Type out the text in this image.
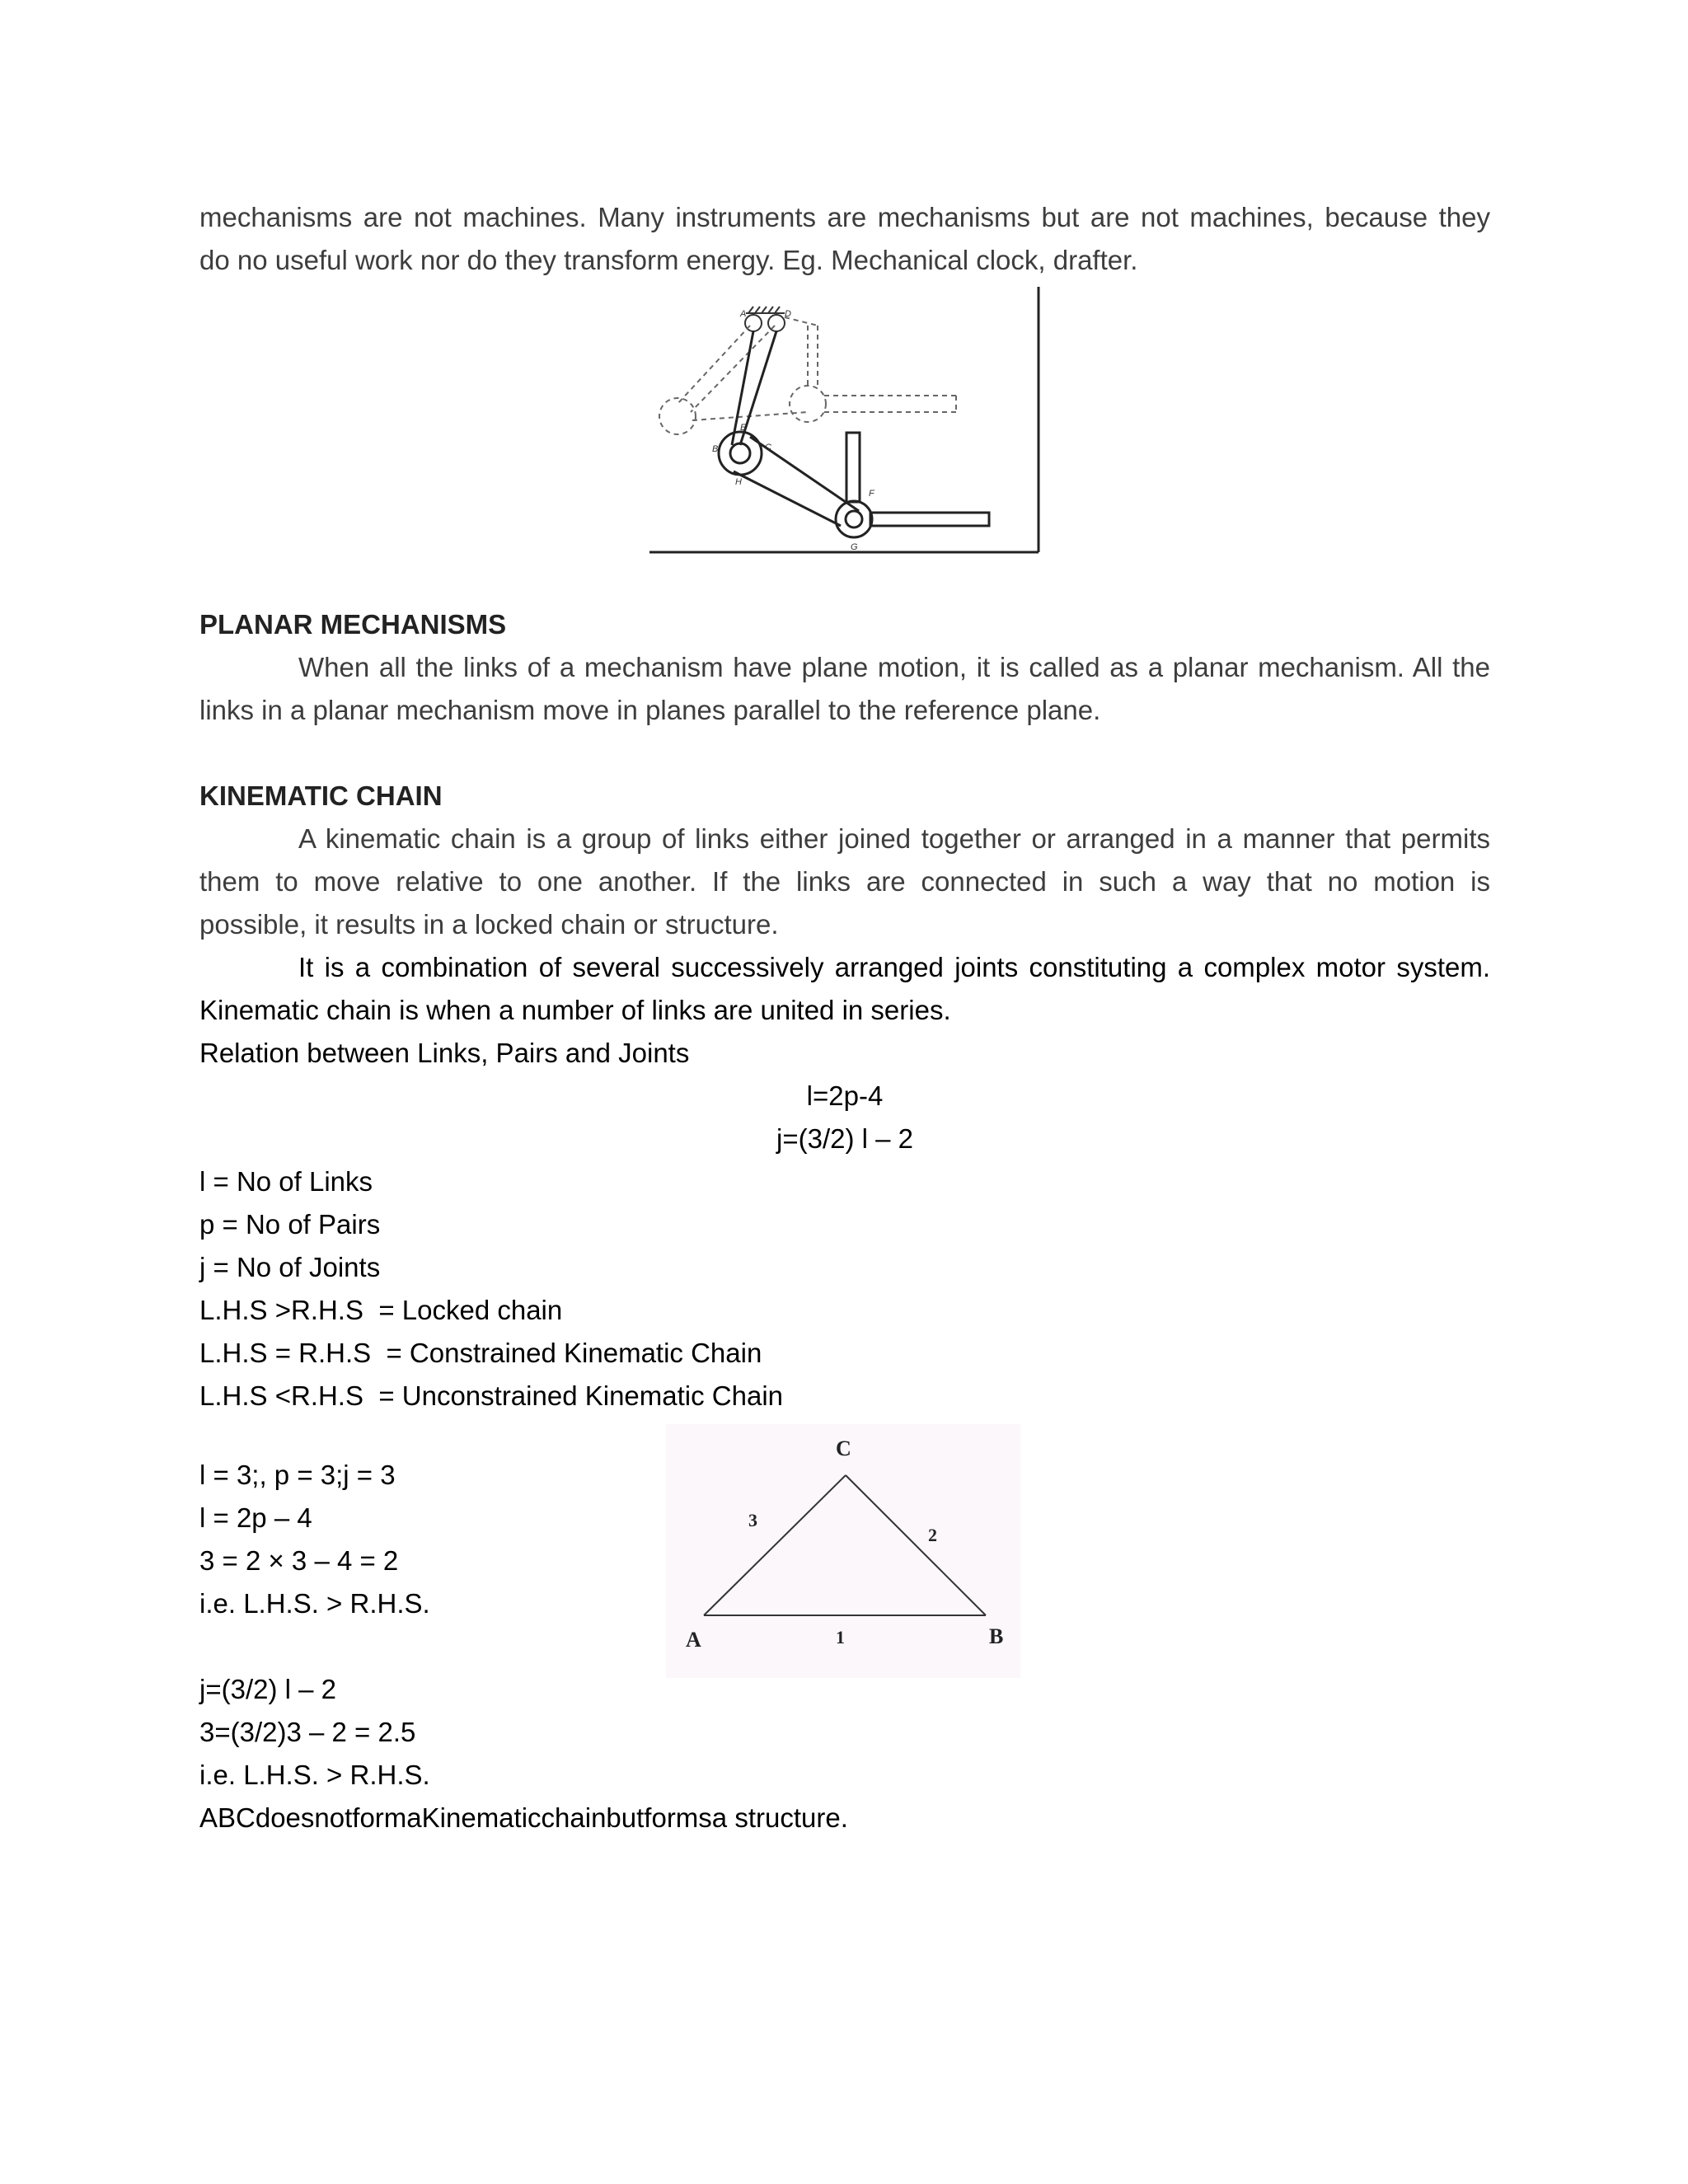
mechanisms are not machines. Many instruments are mechanisms but are not machines, because they
do no useful work nor do they transform energy. Eg. Mechanical clock, drafter.
A	D
B	C
E
H
F
G
PLANAR MECHANISMS
When all the links of a mechanism have plane motion, it is called as a planar mechanism. All the
links in a planar mechanism move in planes parallel to the reference plane.
KINEMATIC CHAIN
A kinematic chain is a group of links either joined together or arranged in a manner that permits
them to move relative to one another. If the links are connected in such a way that no motion is
possible, it results in a locked chain or structure.
It is a combination of several successively arranged joints constituting a complex motor system.
Kinematic chain is when a number of links are united in series.
Relation between Links, Pairs and Joints
l=2p-4
j=(3/2) l – 2
l = No of Links
p = No of Pairs
j = No of Joints
L.H.S >R.H.S  = Locked chain
L.H.S = R.H.S  = Constrained Kinematic Chain
L.H.S <R.H.S  = Unconstrained Kinematic Chain
l = 3;, p = 3;j = 3
l = 2p – 4
3 = 2 × 3 – 4 = 2
i.e. L.H.S. > R.H.S.
j=(3/2) l – 2
3=(3/2)3 – 2 = 2.5
i.e. L.H.S. > R.H.S.
ABCdoesnotformaKinematicchainbutformsa structure.
C
A	B
3
2
1
